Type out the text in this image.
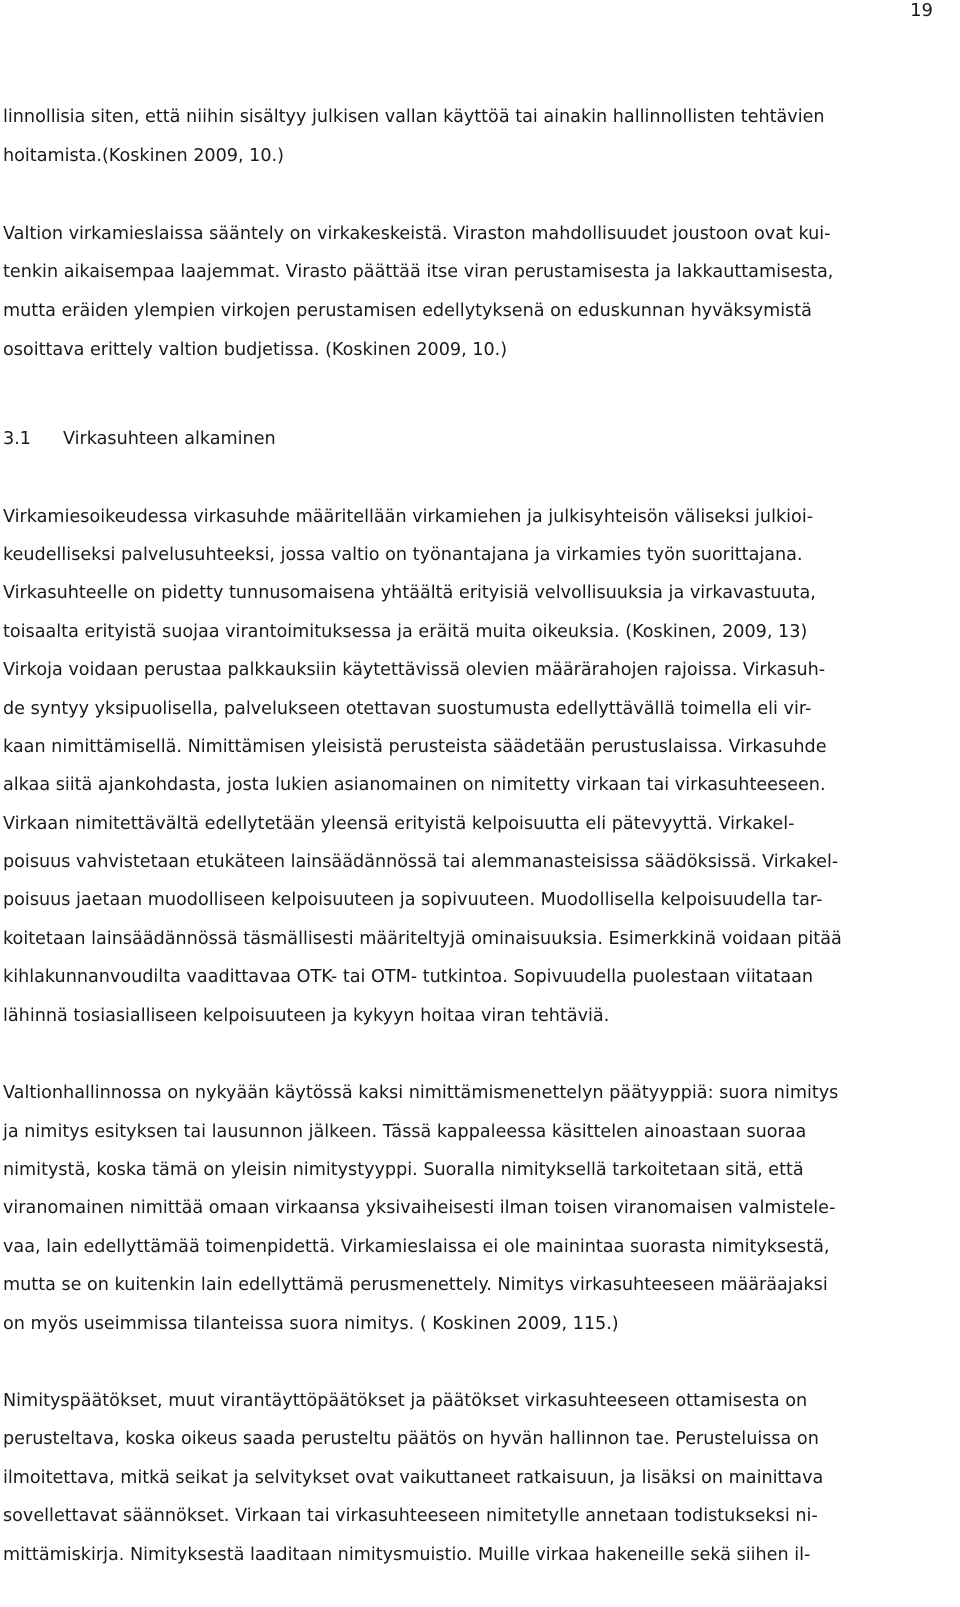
19
linnollisia siten, että niihin sisältyy julkisen vallan käyttöä tai ainakin hallinnollisten tehtävien
hoitamista.(Koskinen 2009, 10.)
Valtion virkamieslaissa sääntely on virkakeskeistä. Viraston mahdollisuudet joustoon ovat kui-
tenkin aikaisempaa laajemmat. Virasto päättää itse viran perustamisesta ja lakkauttamisesta,
mutta eräiden ylempien virkojen perustamisen edellytyksenä on eduskunnan hyväksymistä
osoittava erittely valtion budjetissa. (Koskinen 2009, 10.)
3.1 Virkasuhteen alkaminen
Virkamiesoikeudessa virkasuhde määritellään virkamiehen ja julkisyhteisön väliseksi julkioi-
keudelliseksi palvelusuhteeksi, jossa valtio on työnantajana ja virkamies työn suorittajana.
Virkasuhteelle on pidetty tunnusomaisena yhtäältä erityisiä velvollisuuksia ja virkavastuuta,
toisaalta erityistä suojaa virantoimituksessa ja eräitä muita oikeuksia. (Koskinen, 2009, 13)
Virkoja voidaan perustaa palkkauksiin käytettävissä olevien määrärahojen rajoissa. Virkasuh-
de syntyy yksipuolisella, palvelukseen otettavan suostumusta edellyttävällä toimella eli vir-
kaan nimittämisellä. Nimittämisen yleisistä perusteista säädetään perustuslaissa. Virkasuhde
alkaa siitä ajankohdasta, josta lukien asianomainen on nimitetty virkaan tai virkasuhteeseen.
Virkaan nimitettävältä edellytetään yleensä erityistä kelpoisuutta eli pätevyyttä. Virkakel-
poisuus vahvistetaan etukäteen lainsäädännössä tai alemmanasteisissa säädöksissä. Virkakel-
poisuus jaetaan muodolliseen kelpoisuuteen ja sopivuuteen. Muodollisella kelpoisuudella tar-
koitetaan lainsäädännössä täsmällisesti määriteltyjä ominaisuuksia. Esimerkkinä voidaan pitää
kihlakunnanvoudilta vaadittavaa OTK- tai OTM- tutkintoa. Sopivuudella puolestaan viitataan
lähinnä tosiasialliseen kelpoisuuteen ja kykyyn hoitaa viran tehtäviä.
Valtionhallinnossa on nykyään käytössä kaksi nimittämismenettelyn päätyyppiä: suora nimitys
ja nimitys esityksen tai lausunnon jälkeen. Tässä kappaleessa käsittelen ainoastaan suoraa
nimitystä, koska tämä on yleisin nimitystyyppi. Suoralla nimityksellä tarkoitetaan sitä, että
viranomainen nimittää omaan virkaansa yksivaiheisesti ilman toisen viranomaisen valmistele-
vaa, lain edellyttämää toimenpidettä. Virkamieslaissa ei ole mainintaa suorasta nimityksestä,
mutta se on kuitenkin lain edellyttämä perusmenettely. Nimitys virkasuhteeseen määräajaksi
on myös useimmissa tilanteissa suora nimitys. ( Koskinen 2009, 115.)
Nimityspäätökset, muut virantäyttöpäätökset ja päätökset virkasuhteeseen ottamisesta on
perusteltava, koska oikeus saada perusteltu päätös on hyvän hallinnon tae. Perusteluissa on
ilmoitettava, mitkä seikat ja selvitykset ovat vaikuttaneet ratkaisuun, ja lisäksi on mainittava
sovellettavat säännökset. Virkaan tai virkasuhteeseen nimitetylle annetaan todistukseksi ni-
mittämiskirja. Nimityksestä laaditaan nimitysmuistio. Muille virkaa hakeneille sekä siihen il-
